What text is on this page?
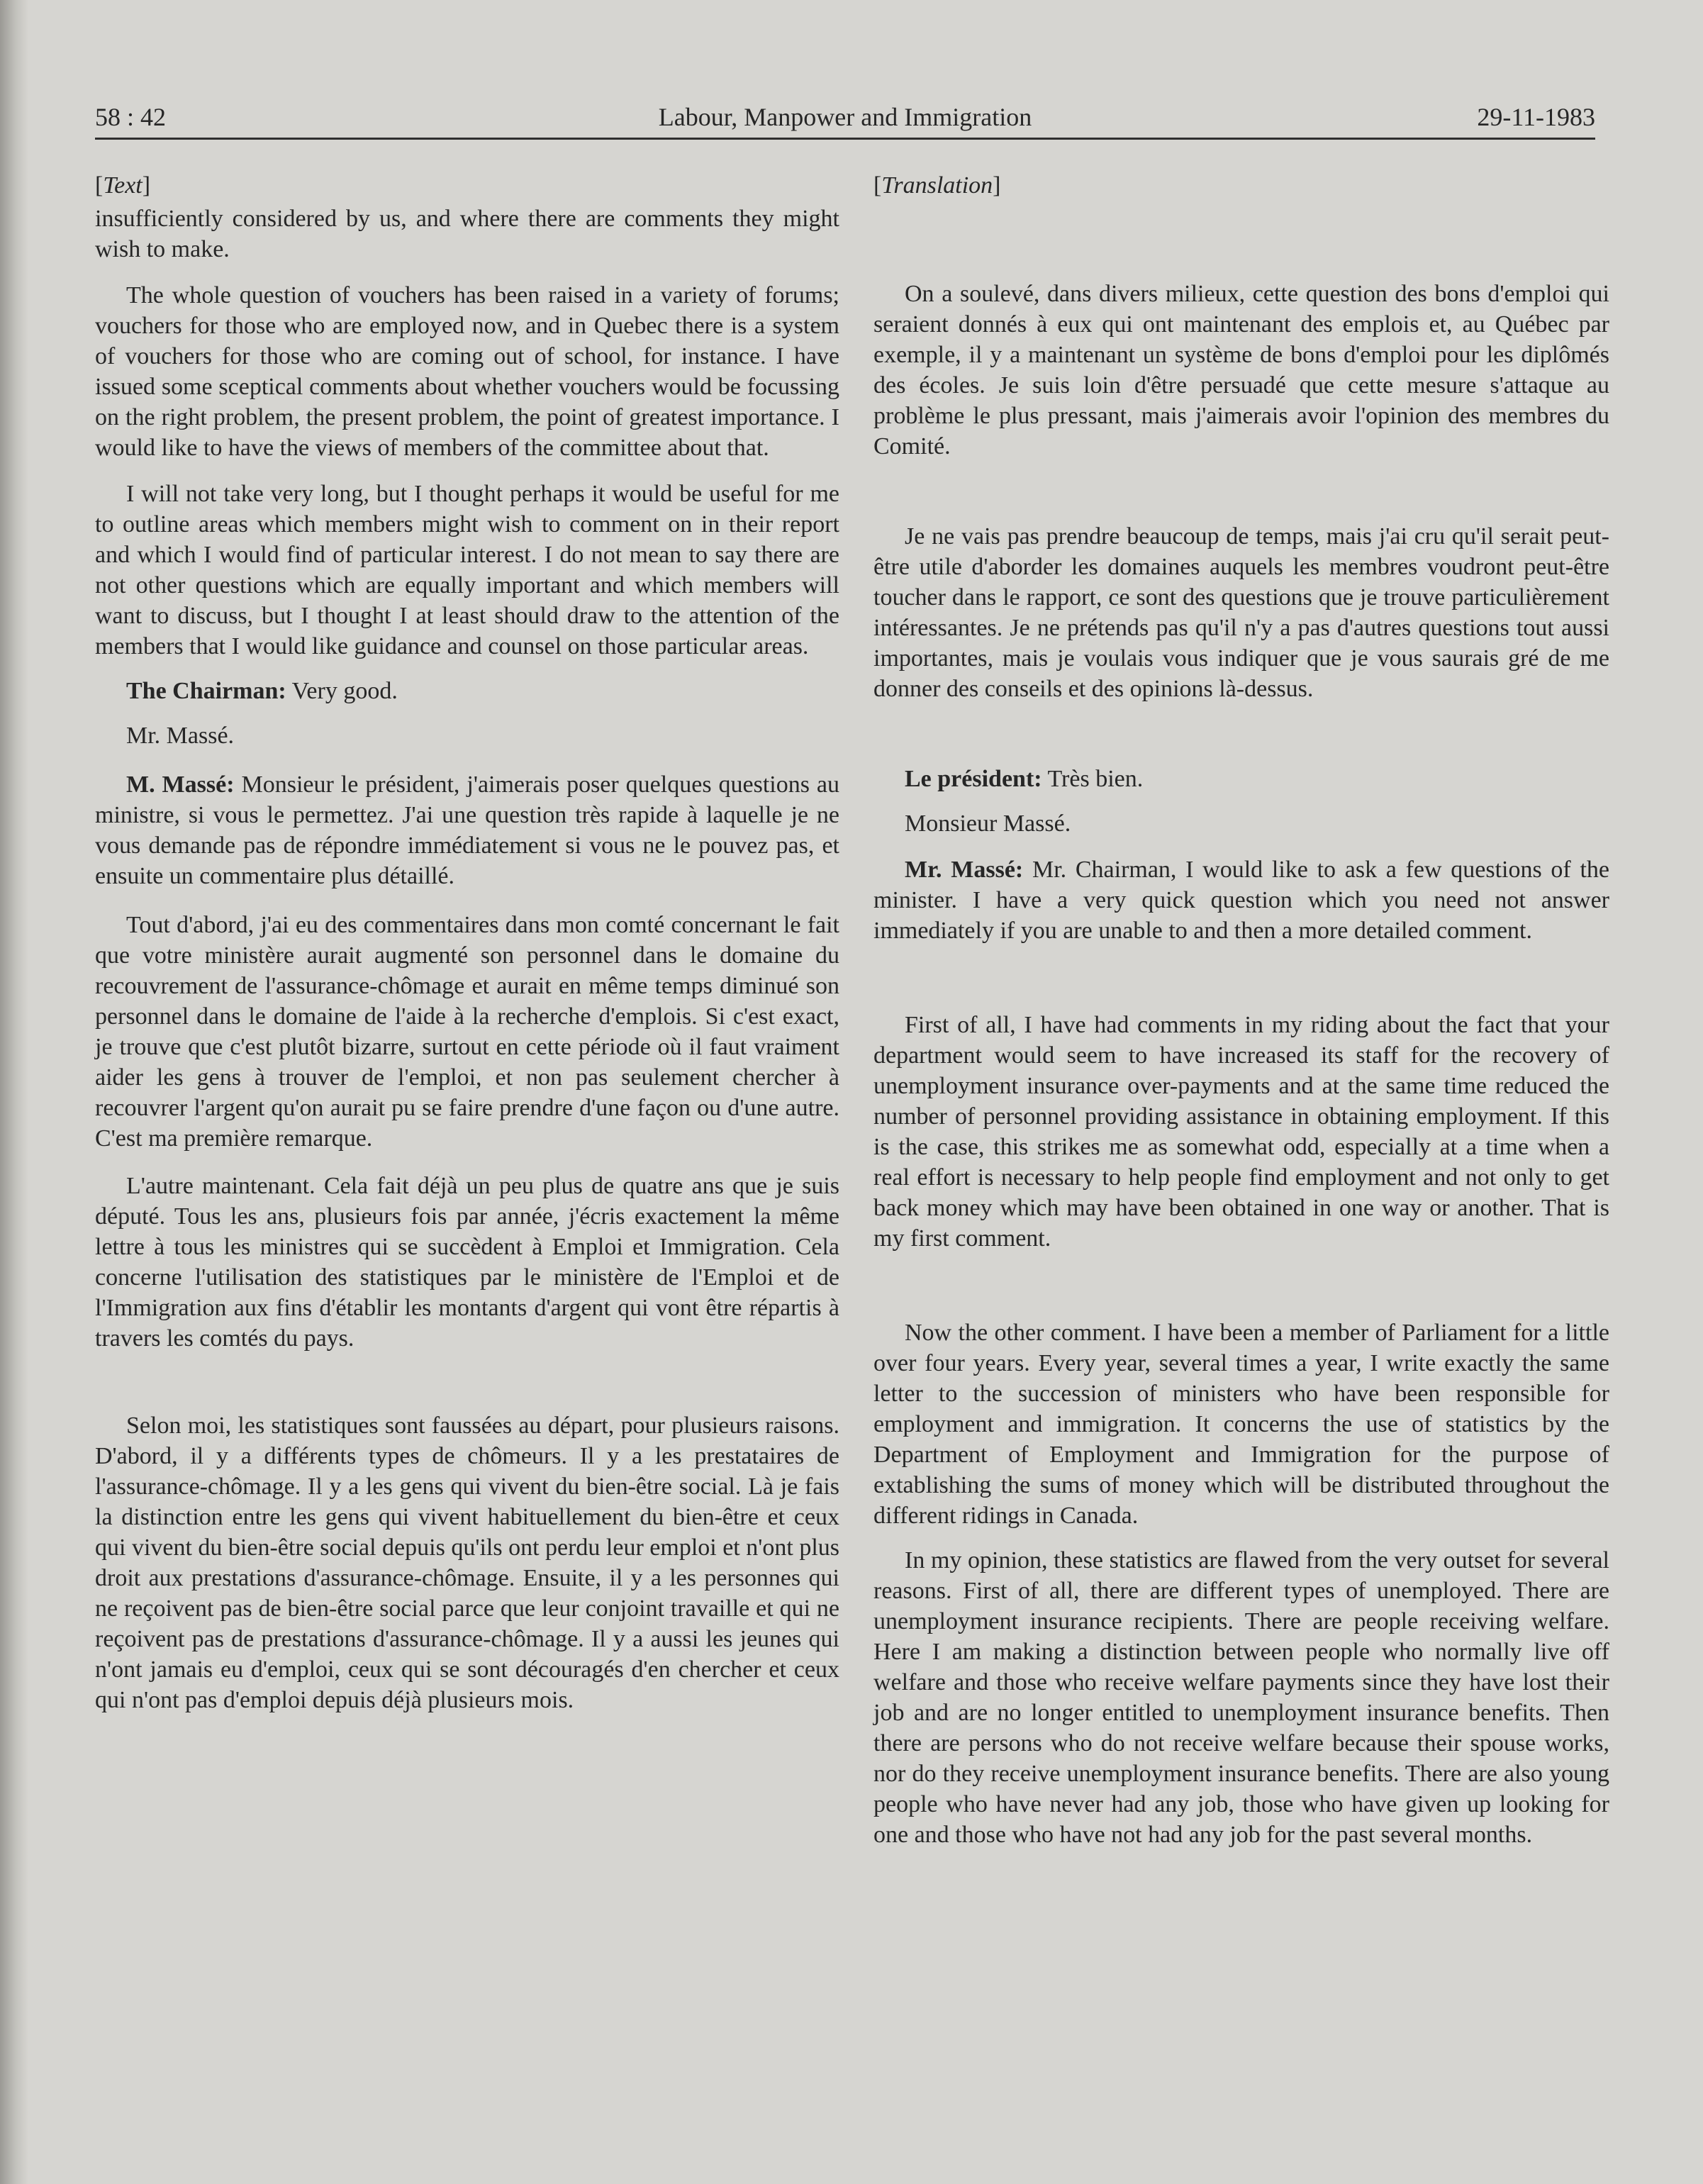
58 : 42	Labour, Manpower and Immigration	29-11-1983

[Text]

insufficiently considered by us, and where there are comments they might wish to make.

The whole question of vouchers has been raised in a variety of forums; vouchers for those who are employed now, and in Quebec there is a system of vouchers for those who are coming out of school, for instance. I have issued some sceptical comments about whether vouchers would be focussing on the right problem, the present problem, the point of greatest importance. I would like to have the views of members of the committee about that.

I will not take very long, but I thought perhaps it would be useful for me to outline areas which members might wish to comment on in their report and which I would find of particular interest. I do not mean to say there are not other questions which are equally important and which members will want to discuss, but I thought I at least should draw to the attention of the members that I would like guidance and counsel on those particular areas.

The Chairman: Very good.

Mr. Massé.

M. Massé: Monsieur le président, j'aimerais poser quelques questions au ministre, si vous le permettez. J'ai une question très rapide à laquelle je ne vous demande pas de répondre immédiatement si vous ne le pouvez pas, et ensuite un commentaire plus détaillé.

Tout d'abord, j'ai eu des commentaires dans mon comté concernant le fait que votre ministère aurait augmenté son personnel dans le domaine du recouvrement de l'assurance-chômage et aurait en même temps diminué son personnel dans le domaine de l'aide à la recherche d'emplois. Si c'est exact, je trouve que c'est plutôt bizarre, surtout en cette période où il faut vraiment aider les gens à trouver de l'emploi, et non pas seulement chercher à recouvrer l'argent qu'on aurait pu se faire prendre d'une façon ou d'une autre. C'est ma première remarque.

L'autre maintenant. Cela fait déjà un peu plus de quatre ans que je suis député. Tous les ans, plusieurs fois par année, j'écris exactement la même lettre à tous les ministres qui se succèdent à Emploi et Immigration. Cela concerne l'utilisation des statistiques par le ministère de l'Emploi et de l'Immigration aux fins d'établir les montants d'argent qui vont être répartis à travers les comtés du pays.

Selon moi, les statistiques sont faussées au départ, pour plusieurs raisons. D'abord, il y a différents types de chômeurs. Il y a les prestataires de l'assurance-chômage. Il y a les gens qui vivent du bien-être social. Là je fais la distinction entre les gens qui vivent habituellement du bien-être et ceux qui vivent du bien-être social depuis qu'ils ont perdu leur emploi et n'ont plus droit aux prestations d'assurance-chômage. Ensuite, il y a les personnes qui ne reçoivent pas de bien-être social parce que leur conjoint travaille et qui ne reçoivent pas de prestations d'assurance-chômage. Il y a aussi les jeunes qui n'ont jamais eu d'emploi, ceux qui se sont découragés d'en chercher et ceux qui n'ont pas d'emploi depuis déjà plusieurs mois.

[Translation]

On a soulevé, dans divers milieux, cette question des bons d'emploi qui seraient donnés à eux qui ont maintenant des emplois et, au Québec par exemple, il y a maintenant un système de bons d'emploi pour les diplômés des écoles. Je suis loin d'être persuadé que cette mesure s'attaque au problème le plus pressant, mais j'aimerais avoir l'opinion des membres du Comité.

Je ne vais pas prendre beaucoup de temps, mais j'ai cru qu'il serait peut-être utile d'aborder les domaines auquels les membres voudront peut-être toucher dans le rapport, ce sont des questions que je trouve particulièrement intéressantes. Je ne prétends pas qu'il n'y a pas d'autres questions tout aussi importantes, mais je voulais vous indiquer que je vous saurais gré de me donner des conseils et des opinions là-dessus.

Le président: Très bien.

Monsieur Massé.

Mr. Massé: Mr. Chairman, I would like to ask a few questions of the minister. I have a very quick question which you need not answer immediately if you are unable to and then a more detailed comment.

First of all, I have had comments in my riding about the fact that your department would seem to have increased its staff for the recovery of unemployment insurance over-payments and at the same time reduced the number of personnel providing assistance in obtaining employment. If this is the case, this strikes me as somewhat odd, especially at a time when a real effort is necessary to help people find employment and not only to get back money which may have been obtained in one way or another. That is my first comment.

Now the other comment. I have been a member of Parliament for a little over four years. Every year, several times a year, I write exactly the same letter to the succession of ministers who have been responsible for employment and immigration. It concerns the use of statistics by the Department of Employment and Immigration for the purpose of extablishing the sums of money which will be distributed throughout the different ridings in Canada.

In my opinion, these statistics are flawed from the very outset for several reasons. First of all, there are different types of unemployed. There are unemployment insurance recipients. There are people receiving welfare. Here I am making a distinction between people who normally live off welfare and those who receive welfare payments since they have lost their job and are no longer entitled to unemployment insurance benefits. Then there are persons who do not receive welfare because their spouse works, nor do they receive unemployment insurance benefits. There are also young people who have never had any job, those who have given up looking for one and those who have not had any job for the past several months.
